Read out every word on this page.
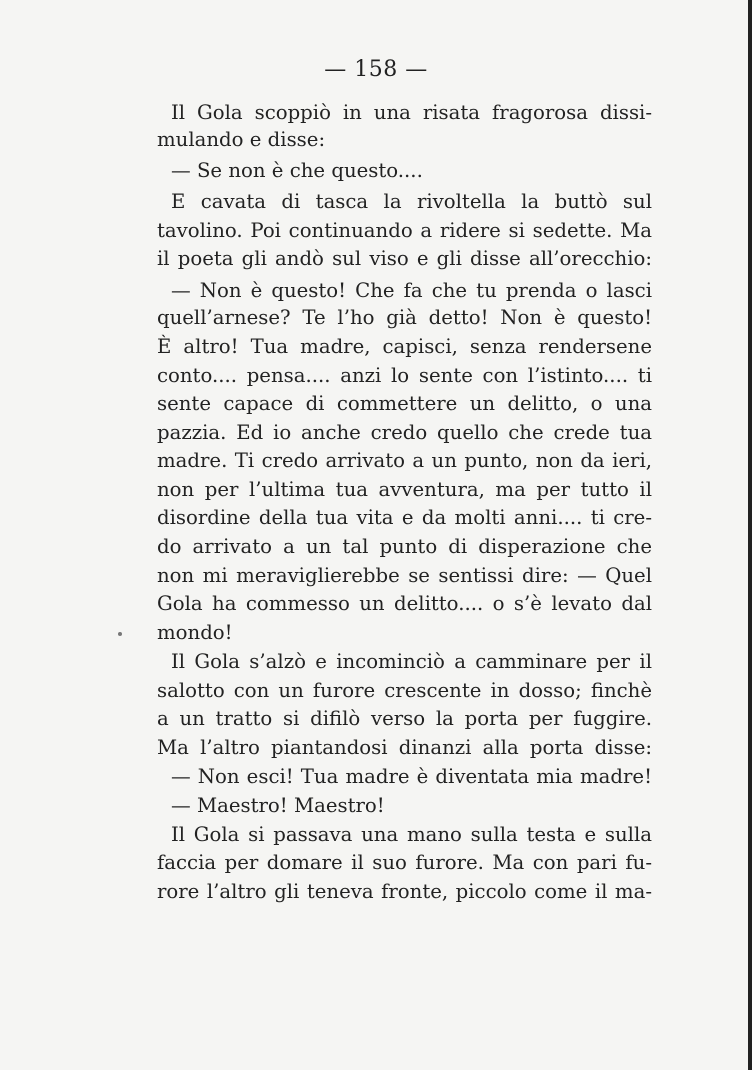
— 158 —
Il Gola scoppiò in una risata fragorosa dissi-
mulando e disse:
— Se non è che questo....
E cavata di tasca la rivoltella la buttò sul
tavolino. Poi continuando a ridere si sedette. Ma
il poeta gli andò sul viso e gli disse all’orecchio:
— Non è questo! Che fa che tu prenda o lasci
quell’arnese? Te l’ho già detto! Non è questo!
È altro! Tua madre, capisci, senza rendersene
conto.... pensa.... anzi lo sente con l’istinto.... ti
sente capace di commettere un delitto, o una
pazzia. Ed io anche credo quello che crede tua
madre. Ti credo arrivato a un punto, non da ieri,
non per l’ultima tua avventura, ma per tutto il
disordine della tua vita e da molti anni.... ti cre-
do arrivato a un tal punto di disperazione che
non mi meraviglierebbe se sentissi dire: — Quel
Gola ha commesso un delitto.... o s’è levato dal
mondo!
Il Gola s’alzò e incominciò a camminare per il
salotto con un furore crescente in dosso; finchè
a un tratto si difilò verso la porta per fuggire.
Ma l’altro piantandosi dinanzi alla porta disse:
— Non esci! Tua madre è diventata mia madre!
— Maestro! Maestro!
Il Gola si passava una mano sulla testa e sulla
faccia per domare il suo furore. Ma con pari fu-
rore l’altro gli teneva fronte, piccolo come il ma-
